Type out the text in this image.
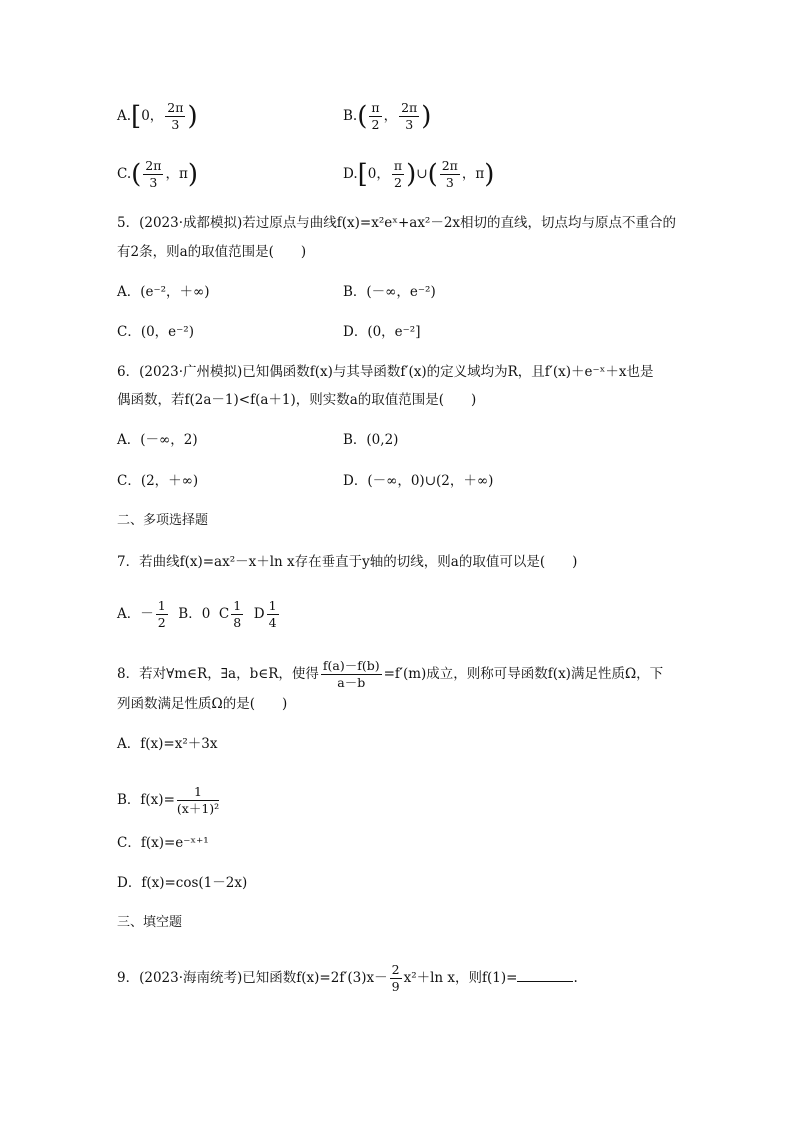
A.[0， $\frac{2\pi}{3}$ )	$B.( \frac{\pi}{2}$ ， $\frac{2\pi}{3}$ )
$C.( \frac{2\pi}{3}$ ，π)	D.[0， $\frac{\pi}{2}$ )∪( $\frac{2\pi}{3}$ ，π)
5．(2023·成都模拟)若过原点与曲线f(x)=x²eˣ+ax²－2x相切的直线，切点均与原点不重合的
有2条，则a的取值范围是(　　)
A．(e⁻²，＋∞)	B．(－∞，e⁻²)
C．(0，e⁻²)	D．(0，e⁻²]
6．(2023·广州模拟)已知偶函数f(x)与其导函数f′(x)的定义域均为R，且f′(x)＋e⁻ˣ＋x也是
偶函数，若f(2a－1)<f(a＋1)，则实数a的取值范围是(　　)
A．(－∞，2)	B．(0,2)
C．(2，＋∞)	D．(－∞，0)∪(2，＋∞)
二、多项选择题
7．若曲线f(x)=ax²－x＋ln x存在垂直于y轴的切线，则a的取值可以是(　　)
A．－ $\frac{1}{2}$ B．0  C $\frac{1}{8}$ D $\frac{1}{4}$
8．若对∀m∈R，∃a，b∈R，使得 $\frac{f(a)-f(b)}{a-b} =f'(m)$成立，则称可导函数f(x)满足性质Ω，下
列函数满足性质Ω的是(　　)
A．f(x)=x²＋3x
B．$f(x)= \frac{1}{\text{(x＋1)²}}$
C．f(x)=e⁻ˣ⁺¹
D．f(x)=cos(1－2x)
三、填空题
9．(2023·海南统考)已知函数$f(x)=2f'(3)x- \frac{2}{9} x^2+\ln$ x，则f(1)=	.
